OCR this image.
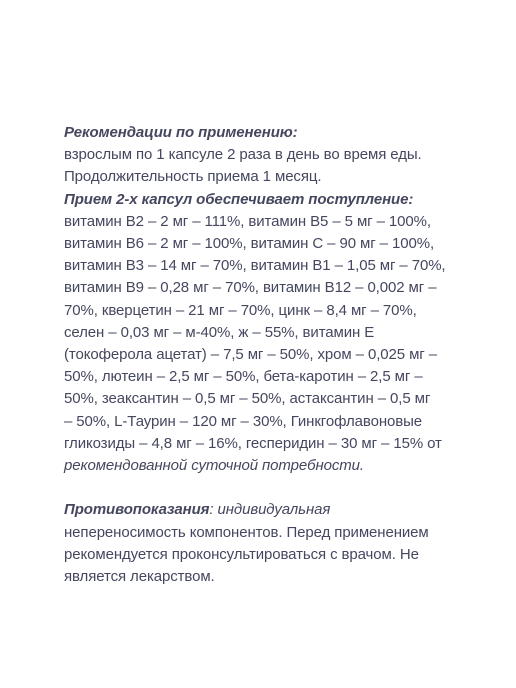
Рекомендации по применению:
взрослым по 1 капсуле 2 раза в день во время еды.
Продолжительность приема 1 месяц.
Прием 2-х капсул обеспечивает поступление:
витамин B2 – 2 мг – 111%, витамин B5 – 5 мг – 100%,
витамин B6 – 2 мг – 100%, витамин С – 90 мг – 100%,
витамин B3 – 14 мг – 70%, витамин B1 – 1,05 мг – 70%,
витамин B9 – 0,28 мг – 70%, витамин B12 – 0,002 мг –
70%, кверцетин – 21 мг – 70%, цинк – 8,4 мг – 70%,
селен – 0,03 мг – м-40%, ж – 55%, витамин Е
(токоферола ацетат) – 7,5 мг – 50%, хром – 0,025 мг –
50%, лютеин – 2,5 мг – 50%, бета-каротин – 2,5 мг –
50%, зеаксантин – 0,5 мг – 50%, астаксантин – 0,5 мг
– 50%, L-Таурин – 120 мг – 30%, Гинкгофлавоновые
гликозиды – 4,8 мг – 16%, гесперидин – 30 мг – 15% от
рекомендованной суточной потребности.
Противопоказания: индивидуальная
непереносимость компонентов. Перед применением
рекомендуется проконсультироваться с врачом. Не
является лекарством.
